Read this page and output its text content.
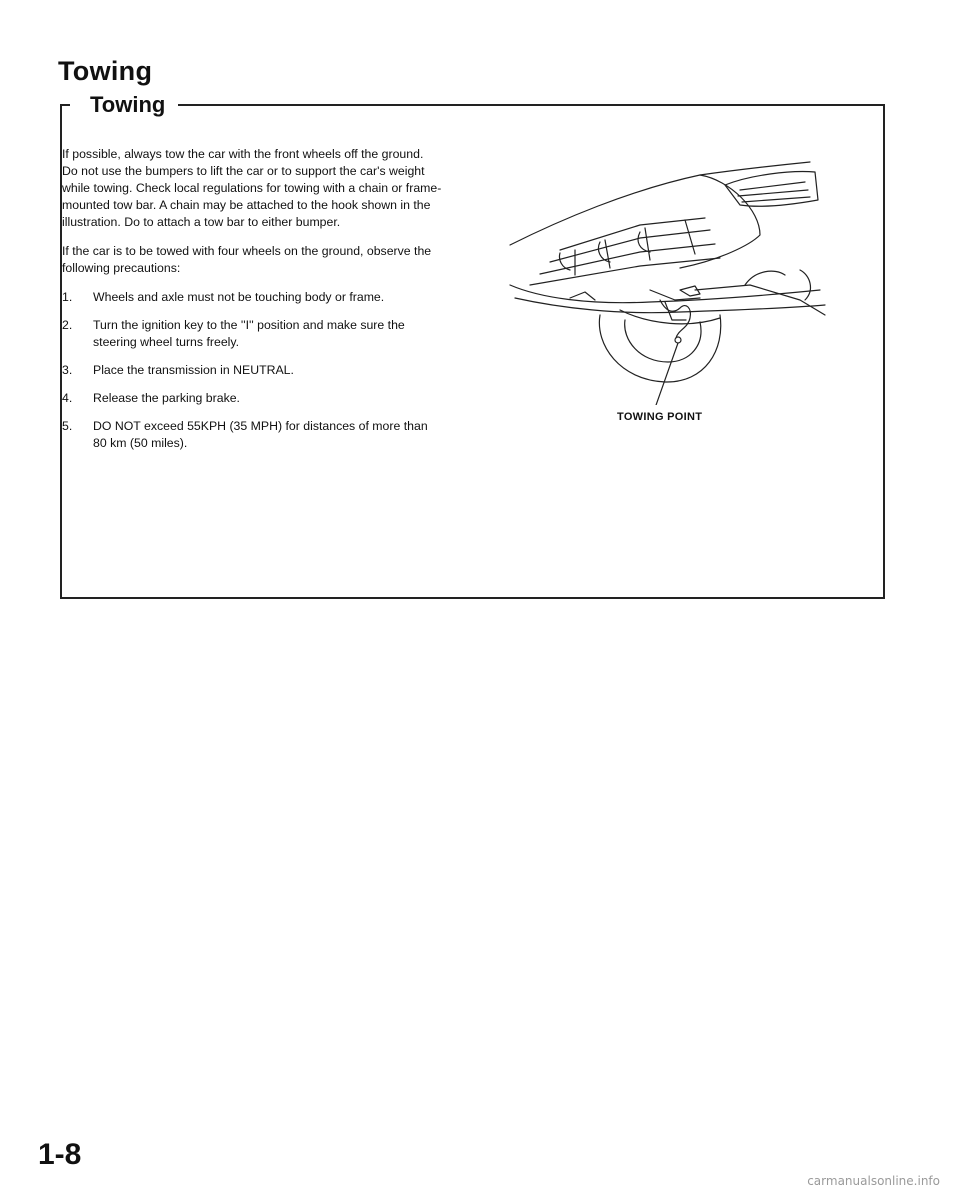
Towing
Towing

If possible, always tow the car with the front wheels off the ground. Do not use the bumpers to lift the car or to support the car's weight while towing. Check local regulations for towing with a chain or frame-mounted tow bar. A chain may be attached to the hook shown in the illustration. Do to attach a tow bar to either bumper.

If the car is to be towed with four wheels on the ground, observe the following precautions:

1.	Wheels and axle must not be touching body or frame.
2.	Turn the ignition key to the ''I'' position and make sure the steering wheel turns freely.
3.	Place the transmission in NEUTRAL.
4.	Release the parking brake.
5.	DO NOT exceed 55KPH (35 MPH) for distances of more than 80 km (50 miles).
TOWING POINT
1-8
carmanualsonline.info
